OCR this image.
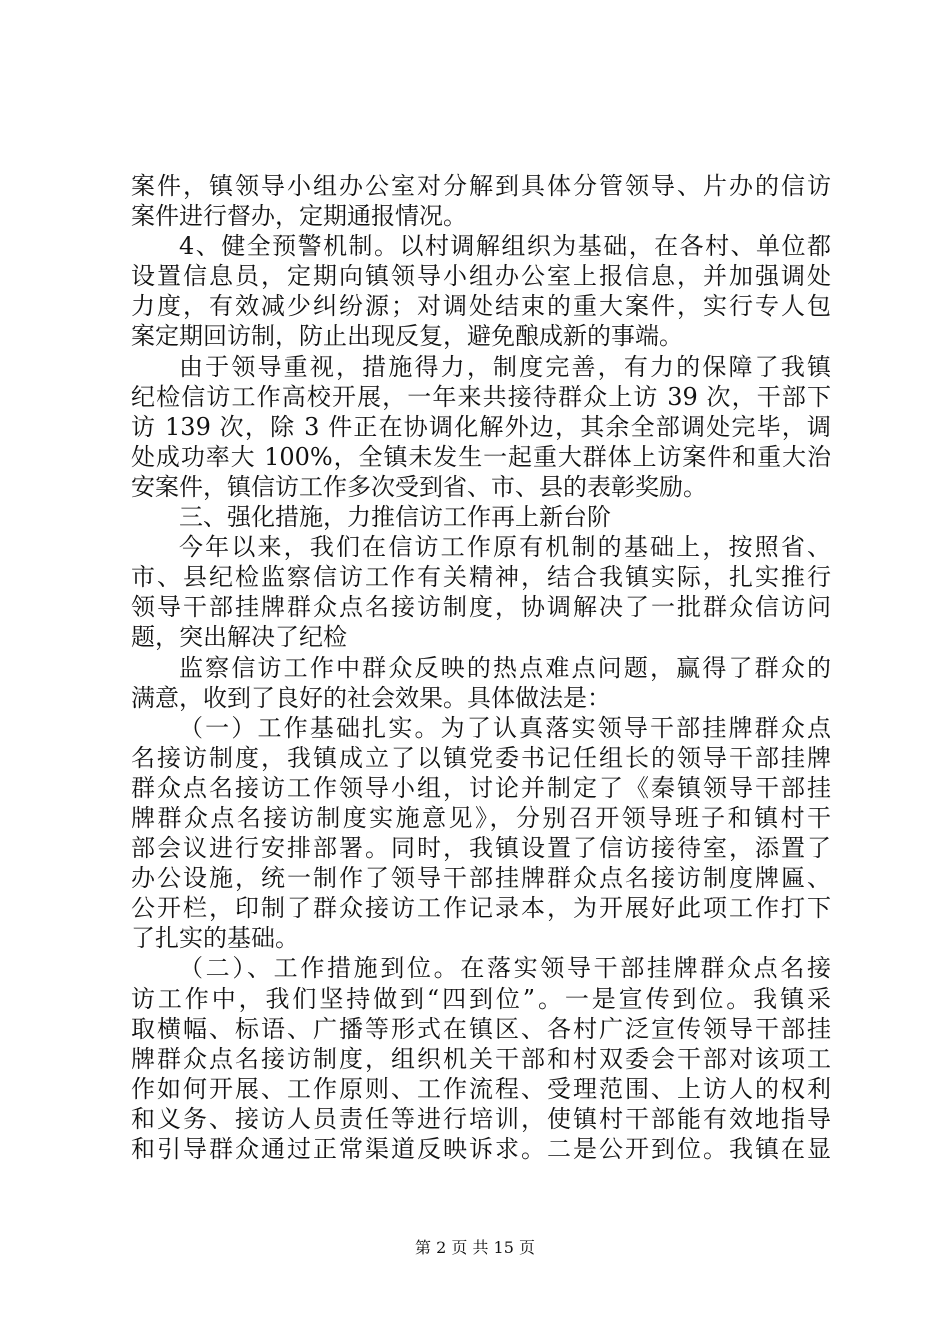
案件，镇领导小组办公室对分解到具体分管领导、片办的信访
案件进行督办，定期通报情况。
4、健全预警机制。以村调解组织为基础，在各村、单位都
设置信息员，定期向镇领导小组办公室上报信息，并加强调处
力度，有效减少纠纷源；对调处结束的重大案件，实行专人包
案定期回访制，防止出现反复，避免酿成新的事端。
由于领导重视，措施得力，制度完善，有力的保障了我镇
纪检信访工作高校开展，一年来共接待群众上访 39 次，干部下
访 139 次，除 3 件正在协调化解外边，其余全部调处完毕，调
处成功率大 100%，全镇未发生一起重大群体上访案件和重大治
安案件，镇信访工作多次受到省、市、县的表彰奖励。
三、强化措施，力推信访工作再上新台阶
今年以来，我们在信访工作原有机制的基础上，按照省、
市、县纪检监察信访工作有关精神，结合我镇实际，扎实推行
领导干部挂牌群众点名接访制度，协调解决了一批群众信访问
题，突出解决了纪检
监察信访工作中群众反映的热点难点问题，赢得了群众的
满意，收到了良好的社会效果。具体做法是：
（一）工作基础扎实。为了认真落实领导干部挂牌群众点
名接访制度，我镇成立了以镇党委书记任组长的领导干部挂牌
群众点名接访工作领导小组，讨论并制定了《秦镇领导干部挂
牌群众点名接访制度实施意见》，分别召开领导班子和镇村干
部会议进行安排部署。同时，我镇设置了信访接待室，添置了
办公设施，统一制作了领导干部挂牌群众点名接访制度牌匾、
公开栏，印制了群众接访工作记录本，为开展好此项工作打下
了扎实的基础。
（二）、工作措施到位。在落实领导干部挂牌群众点名接
访工作中，我们坚持做到“四到位”。一是宣传到位。我镇采
取横幅、标语、广播等形式在镇区、各村广泛宣传领导干部挂
牌群众点名接访制度，组织机关干部和村双委会干部对该项工
作如何开展、工作原则、工作流程、受理范围、上访人的权利
和义务、接访人员责任等进行培训，使镇村干部能有效地指导
和引导群众通过正常渠道反映诉求。二是公开到位。我镇在显
第 2 页 共 15 页
